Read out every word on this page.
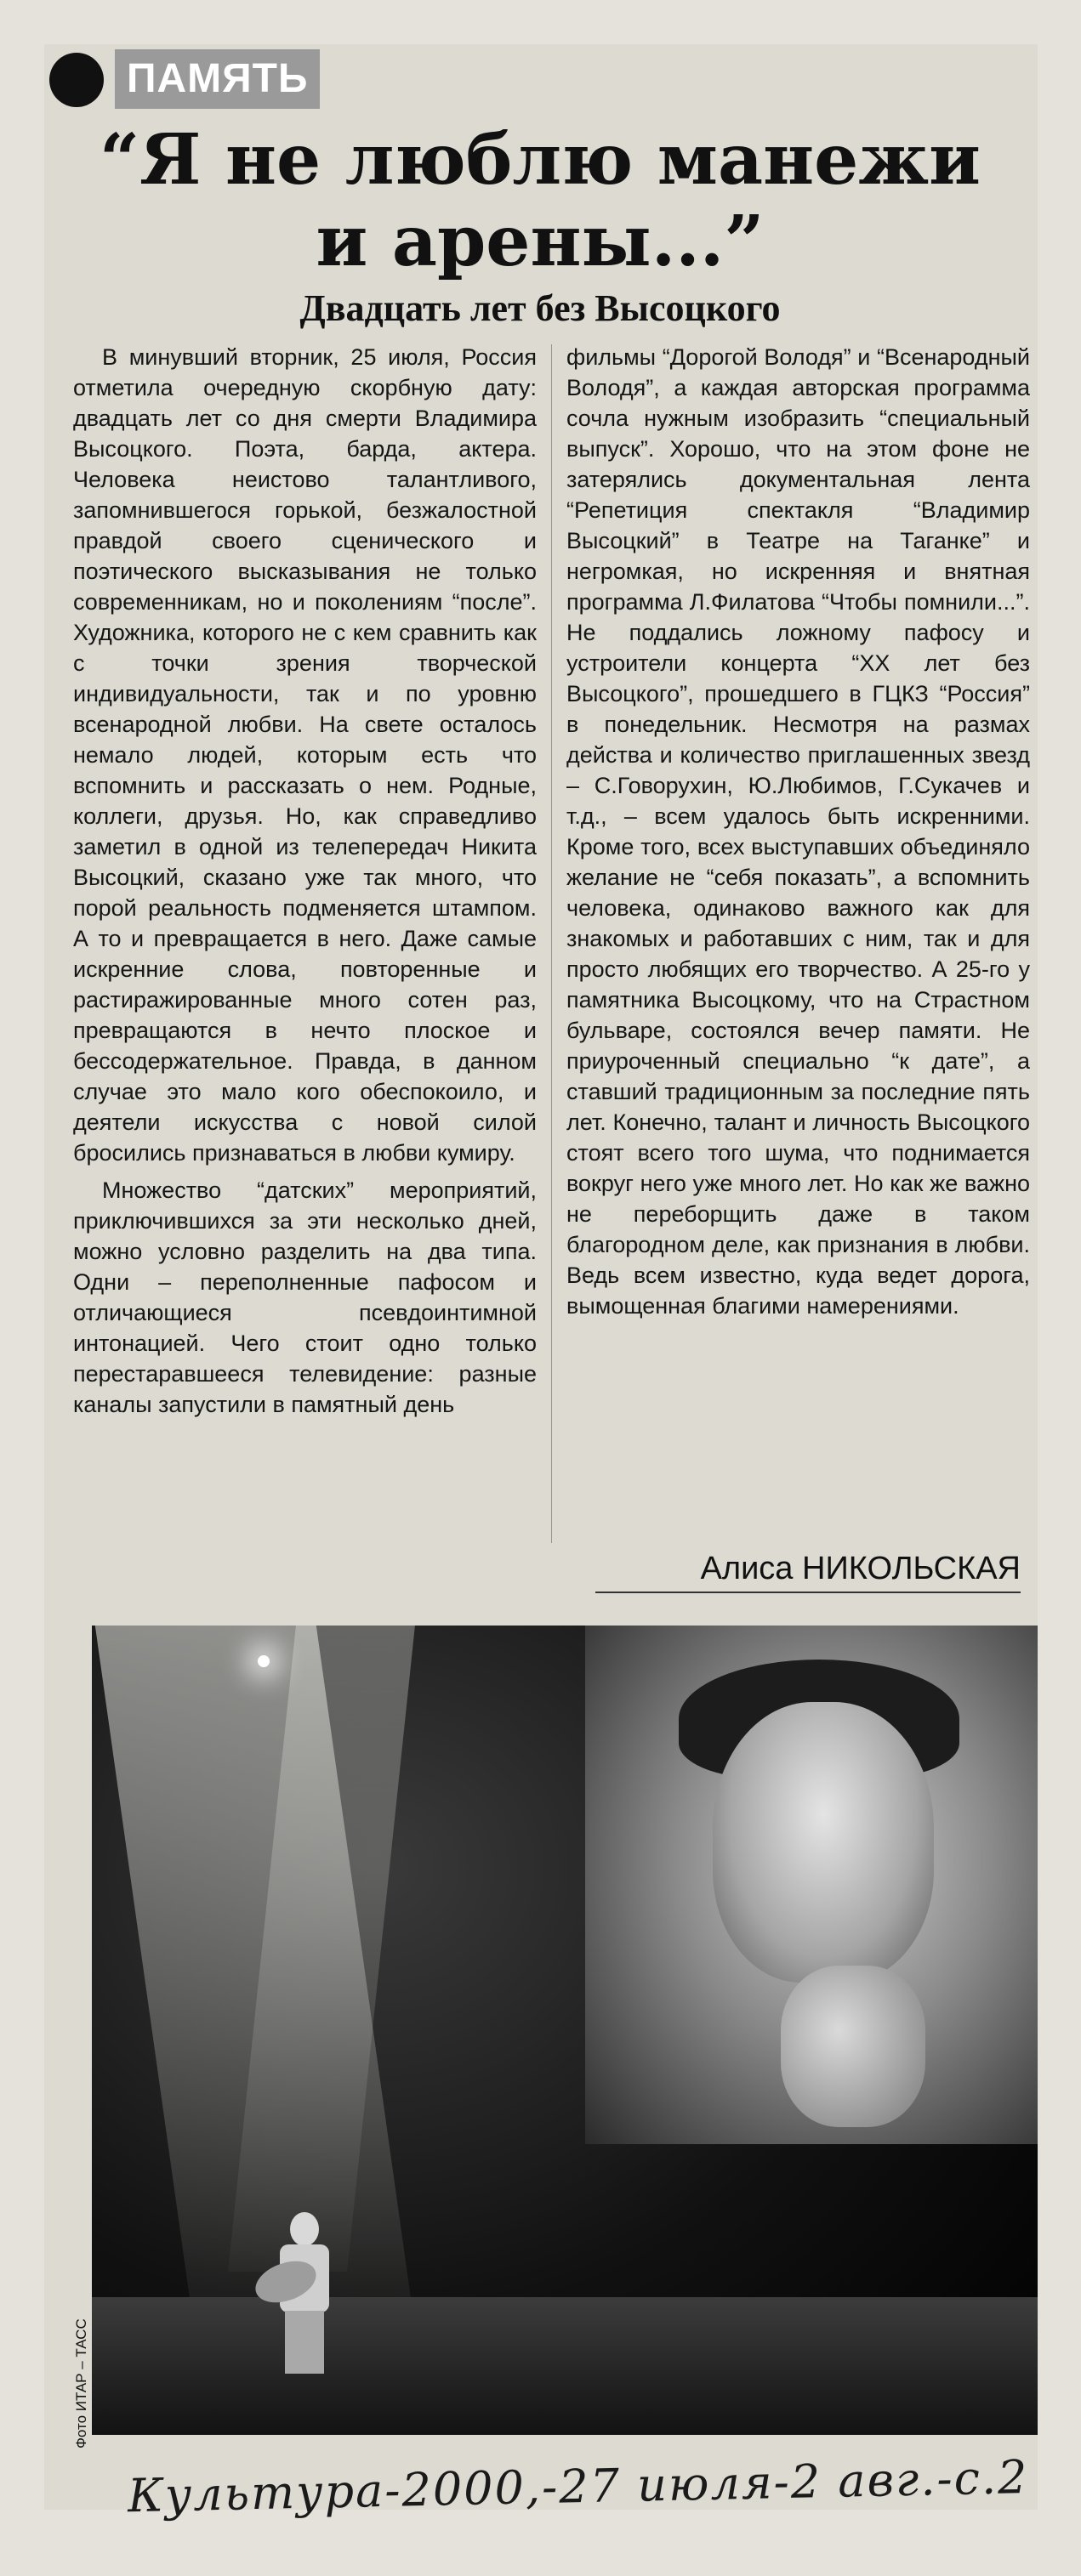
ПАМЯТЬ
“Я не люблю манежи
и арены...”
Двадцать лет без Высоцкого

В минувший вторник, 25 июля, Россия отметила очередную скорбную дату: двадцать лет со дня смерти Владимира Высоцкого. Поэта, барда, актера. Человека неистово талантливого, запомнившегося горькой, безжалостной правдой своего сценического и поэтического высказывания не только современникам, но и поколениям “после”. Художника, которого не с кем сравнить как с точки зрения творческой индивидуальности, так и по уровню всенародной любви. На свете осталось немало людей, которым есть что вспомнить и рассказать о нем. Родные, коллеги, друзья. Но, как справедливо заметил в одной из телепередач Никита Высоцкий, сказано уже так много, что порой реальность подменяется штампом. А то и превращается в него. Даже самые искренние слова, повторенные и растиражированные много сотен раз, превращаются в нечто плоское и бессодержательное. Правда, в данном случае это мало кого обеспокоило, и деятели искусства с новой силой бросились признаваться в любви кумиру.

Множество “датских” мероприятий, приключившихся за эти несколько дней, можно условно разделить на два типа. Одни – переполненные пафосом и отличающиеся псевдоинтимной интонацией. Чего стоит одно только перестаравшееся телевидение: разные каналы запустили в памятный день

фильмы “Дорогой Володя” и “Всенародный Володя”, а каждая авторская программа сочла нужным изобразить “специальный выпуск”. Хорошо, что на этом фоне не затерялись документальная лента “Репетиция спектакля “Владимир Высоцкий” в Театре на Таганке” и негромкая, но искренняя и внятная программа Л.Филатова “Чтобы помнили...”. Не поддались ложному пафосу и устроители концерта “XX лет без Высоцкого”, прошедшего в ГЦКЗ “Россия” в понедельник. Несмотря на размах действа и количество приглашенных звезд – С.Говорухин, Ю.Любимов, Г.Сукачев и т.д., – всем удалось быть искренними. Кроме того, всех выступавших объединяло желание не “себя показать”, а вспомнить человека, одинаково важного как для знакомых и работавших с ним, так и для просто любящих его творчество. А 25-го у памятника Высоцкому, что на Страстном бульваре, состоялся вечер памяти. Не приуроченный специально “к дате”, а ставший традиционным за последние пять лет. Конечно, талант и личность Высоцкого стоят всего того шума, что поднимается вокруг него уже много лет. Но как же важно не переборщить даже в таком благородном деле, как признания в любви. Ведь всем известно, куда ведет дорога, вымощенная благими намерениями.

Алиса НИКОЛЬСКАЯ
Фото ИТАР – ТАСС
Культура-2000,-27 июля-2 авг.-с.2
